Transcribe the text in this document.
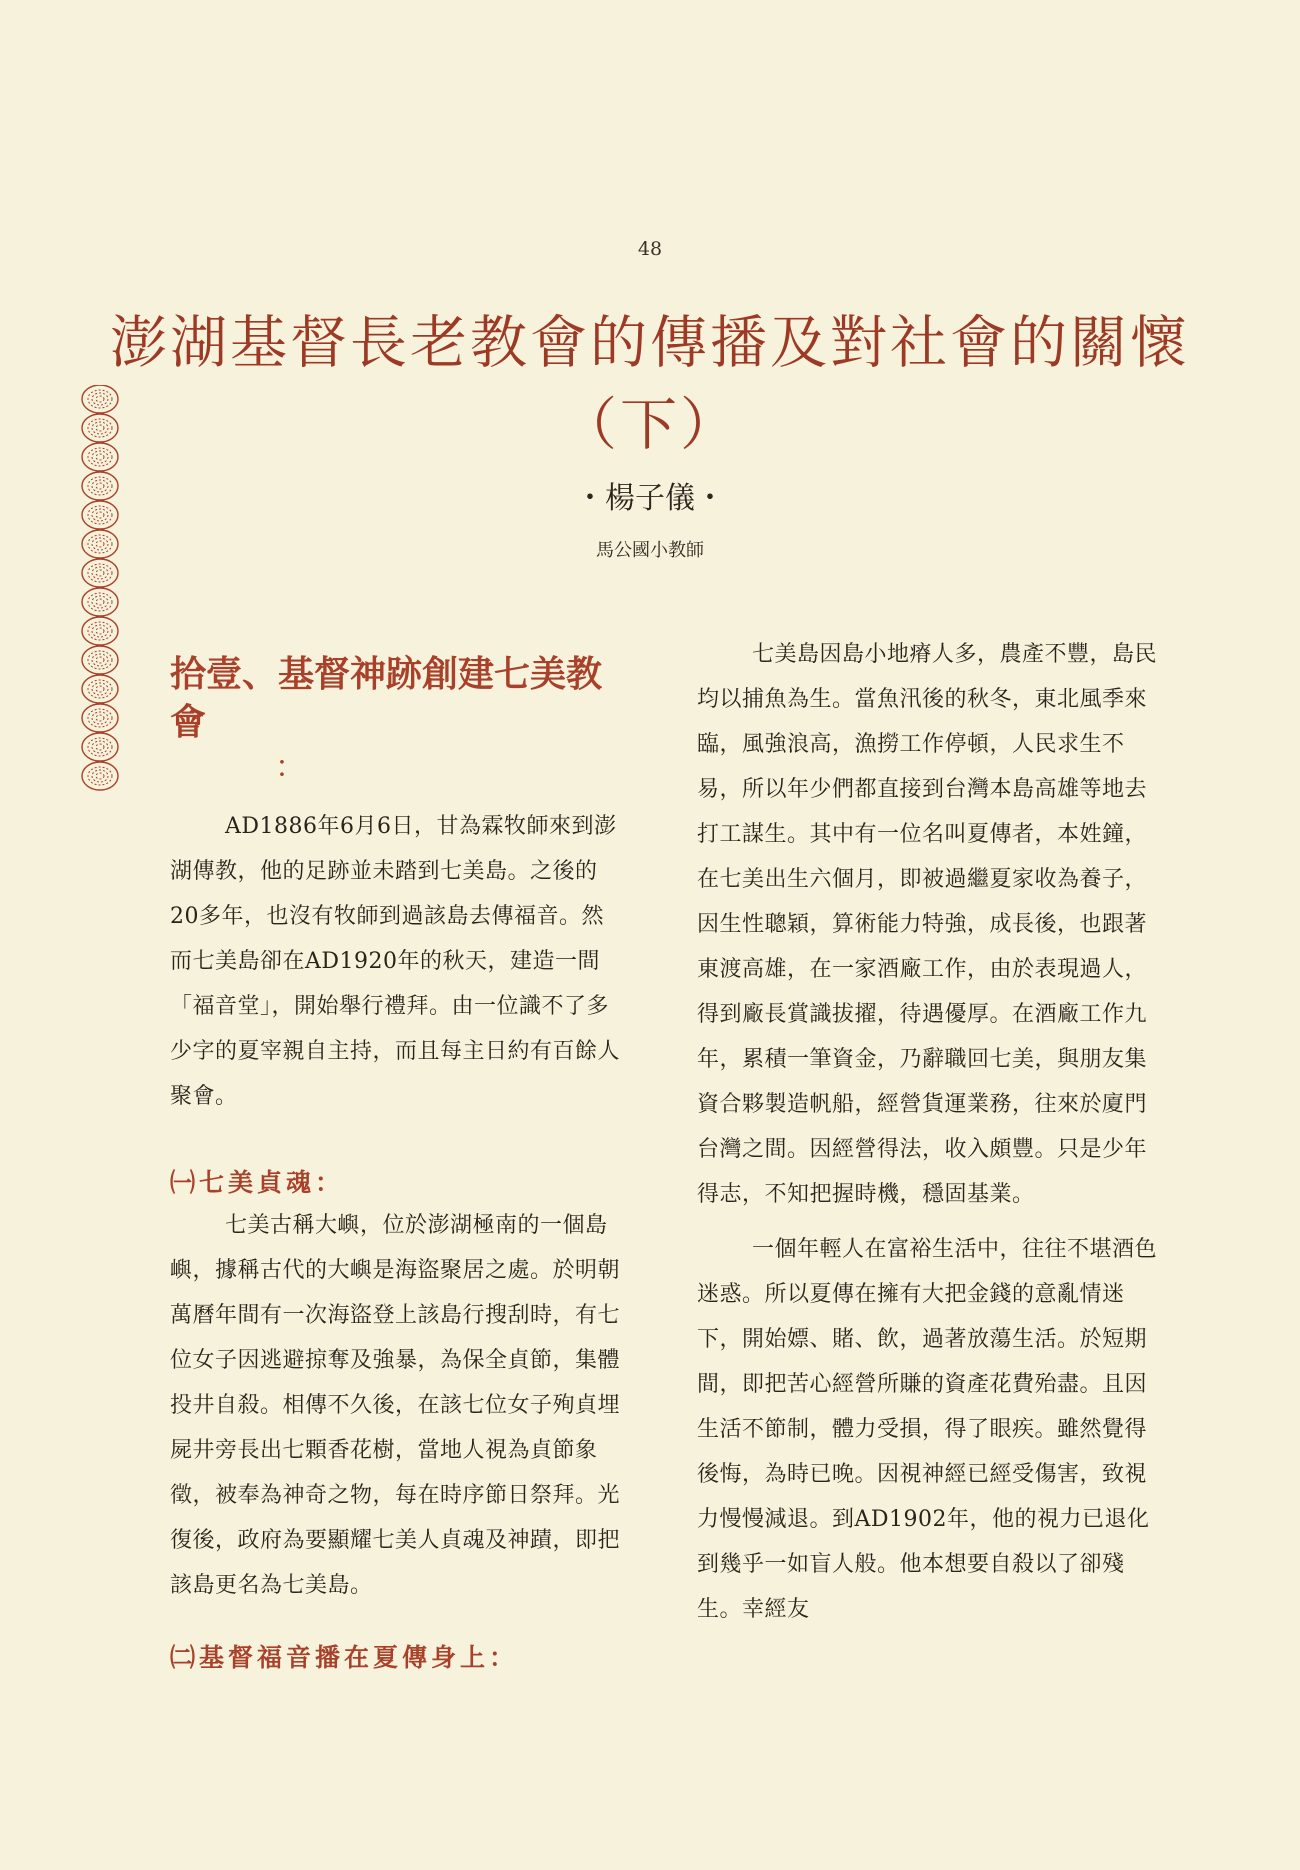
48
澎湖基督長老教會的傳播及對社會的關懷
（下）
・楊子儀・
馬公國小教師
拾壹、基督神跡創建七美教會
：

AD1886年6月6日，甘為霖牧師來到澎湖傳教，他的足跡並未踏到七美島。之後的20多年，也沒有牧師到過該島去傳福音。然而七美島卻在AD1920年的秋天，建造一間「福音堂」，開始舉行禮拜。由一位識不了多少字的夏宰親自主持，而且每主日約有百餘人聚會。

㈠七美貞魂：

七美古稱大嶼，位於澎湖極南的一個島嶼，據稱古代的大嶼是海盜聚居之處。於明朝萬曆年間有一次海盜登上該島行搜刮時，有七位女子因逃避掠奪及強暴，為保全貞節，集體投井自殺。相傳不久後，在該七位女子殉貞埋屍井旁長出七顆香花樹，當地人視為貞節象徵，被奉為神奇之物，每在時序節日祭拜。光復後，政府為要顯耀七美人貞魂及神蹟，即把該島更名為七美島。

㈡基督福音播在夏傳身上：

七美島因島小地瘠人多，農產不豐，島民均以捕魚為生。當魚汛後的秋冬，東北風季來臨，風強浪高，漁撈工作停頓，人民求生不易，所以年少們都直接到台灣本島高雄等地去打工謀生。其中有一位名叫夏傳者，本姓鐘，在七美出生六個月，即被過繼夏家收為養子，因生性聰穎，算術能力特強，成長後，也跟著東渡高雄，在一家酒廠工作，由於表現過人，得到廠長賞識拔擢，待遇優厚。在酒廠工作九年，累積一筆資金，乃辭職回七美，與朋友集資合夥製造帆船，經營貨運業務，往來於廈門台灣之間。因經營得法，收入頗豐。只是少年得志，不知把握時機，穩固基業。

一個年輕人在富裕生活中，往往不堪酒色迷惑。所以夏傳在擁有大把金錢的意亂情迷下，開始嫖、賭、飲，過著放蕩生活。於短期間，即把苦心經營所賺的資產花費殆盡。且因生活不節制，體力受損，得了眼疾。雖然覺得後悔，為時已晚。因視神經已經受傷害，致視力慢慢減退。到AD1902年，他的視力已退化到幾乎一如盲人般。他本想要自殺以了卻殘生。幸經友
